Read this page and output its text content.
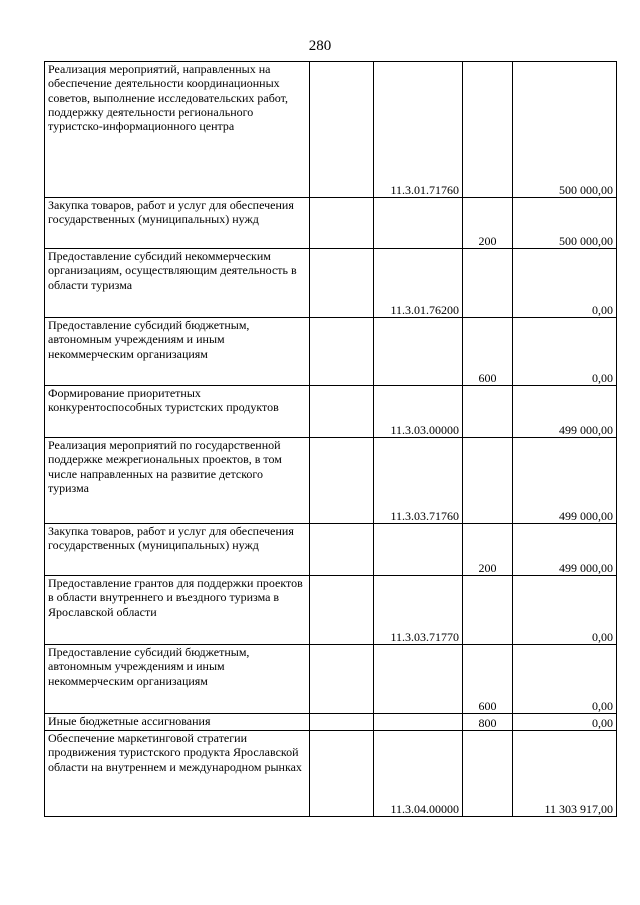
280
Реализация мероприятий, направленных на обеспечение деятельности координационных советов, выполнение исследовательских работ, поддержку деятельности регионального туристско-информационного центра		11.3.01.71760		500 000,00
Закупка товаров, работ и услуг для обеспечения государственных (муниципальных) нужд			200	500 000,00
Предоставление субсидий некоммерческим организациям, осуществляющим деятельность в области туризма		11.3.01.76200		0,00
Предоставление субсидий бюджетным, автономным учреждениям и иным некоммерческим организациям			600	0,00
Формирование приоритетных конкурентоспособных туристских продуктов		11.3.03.00000		499 000,00
Реализация мероприятий по государственной поддержке межрегиональных проектов, в том числе направленных на развитие детского туризма		11.3.03.71760		499 000,00
Закупка товаров, работ и услуг для обеспечения государственных (муниципальных) нужд			200	499 000,00
Предоставление грантов для поддержки проектов в области внутреннего и въездного туризма в Ярославской области		11.3.03.71770		0,00
Предоставление субсидий бюджетным, автономным учреждениям и иным некоммерческим организациям			600	0,00
Иные бюджетные ассигнования			800	0,00
Обеспечение маркетинговой стратегии продвижения туристского продукта Ярославской области на внутреннем и международном рынках		11.3.04.00000		11 303 917,00
